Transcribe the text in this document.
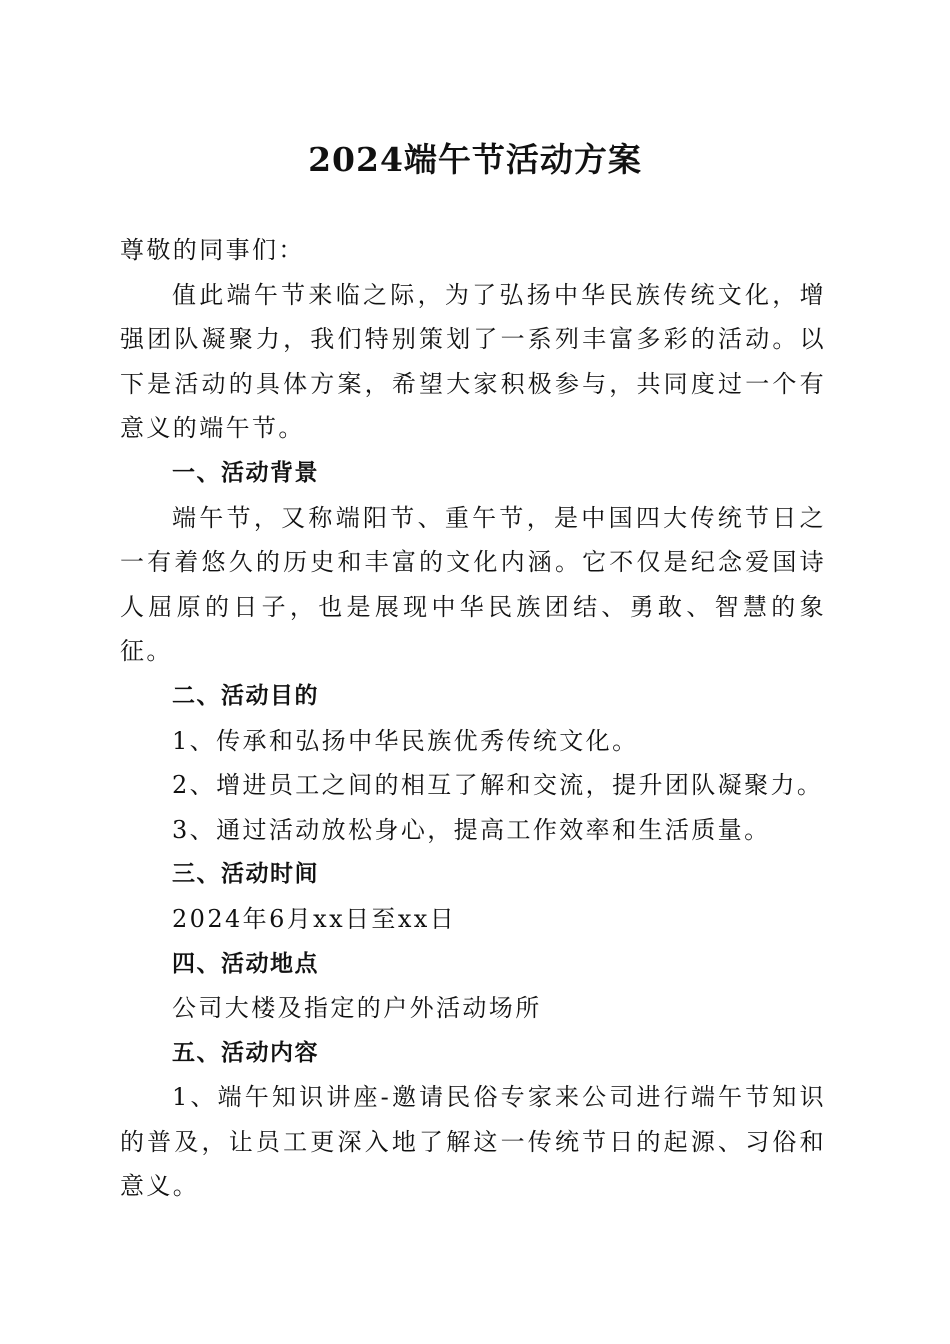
2024端午节活动方案

尊敬的同事们：

值此端午节来临之际，为了弘扬中华民族传统文化，增强团队凝聚力，我们特别策划了一系列丰富多彩的活动。以下是活动的具体方案，希望大家积极参与，共同度过一个有意义的端午节。

一、活动背景

端午节，又称端阳节、重午节，是中国四大传统节日之一有着悠久的历史和丰富的文化内涵。它不仅是纪念爱国诗人屈原的日子，也是展现中华民族团结、勇敢、智慧的象征。

二、活动目的

1、传承和弘扬中华民族优秀传统文化。

2、增进员工之间的相互了解和交流，提升团队凝聚力。

3、通过活动放松身心，提高工作效率和生活质量。

三、活动时间

2024年6月xx日至xx日

四、活动地点

公司大楼及指定的户外活动场所

五、活动内容

1、端午知识讲座-邀请民俗专家来公司进行端午节知识的普及，让员工更深入地了解这一传统节日的起源、习俗和意义。
